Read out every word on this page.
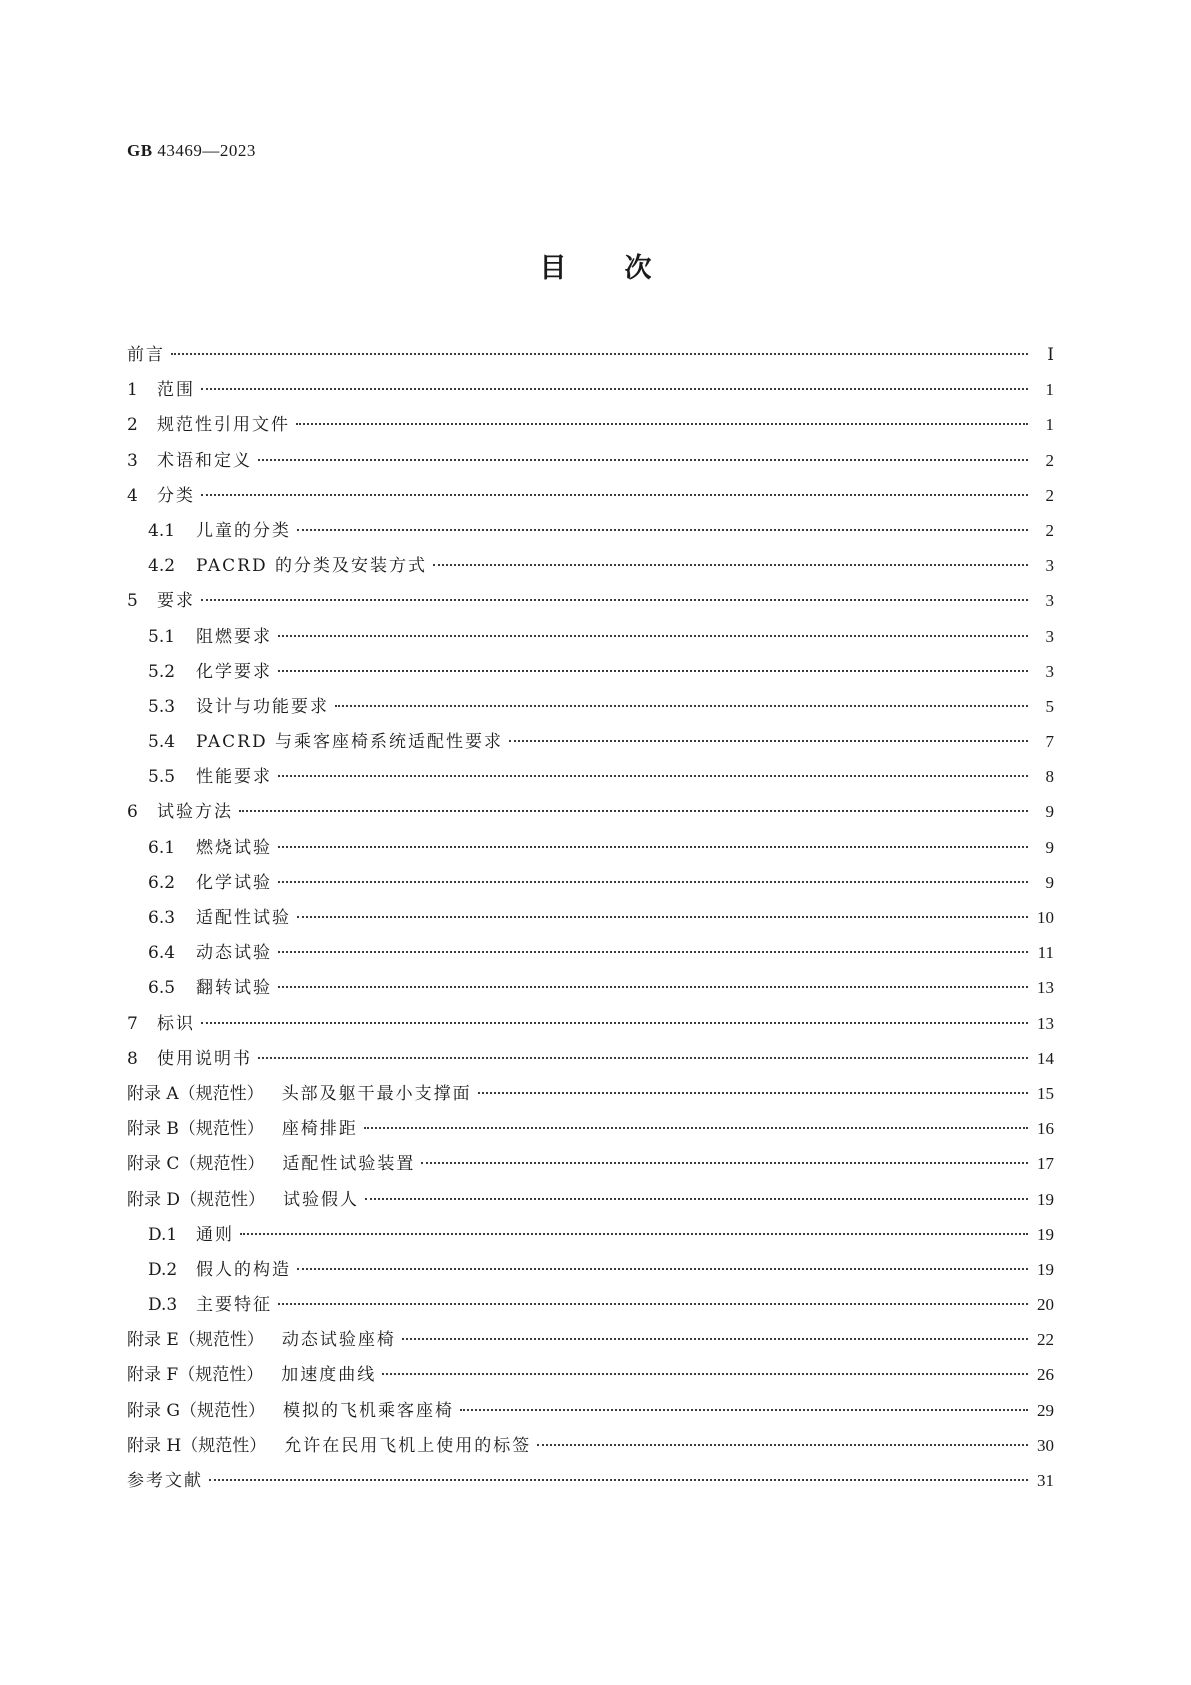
GB 43469—2023
目次
前言	Ⅰ
1	范围	1
2	规范性引用文件	1
3	术语和定义	2
4	分类	2
4.1	儿童的分类	2
4.2	PACRD 的分类及安装方式	3
5	要求	3
5.1	阻燃要求	3
5.2	化学要求	3
5.3	设计与功能要求	5
5.4	PACRD 与乘客座椅系统适配性要求	7
5.5	性能要求	8
6	试验方法	9
6.1	燃烧试验	9
6.2	化学试验	9
6.3	适配性试验	10
6.4	动态试验	11
6.5	翻转试验	13
7	标识	13
8	使用说明书	14
附录 A（规范性）	头部及躯干最小支撑面	15
附录 B（规范性）	座椅排距	16
附录 C（规范性）	适配性试验装置	17
附录 D（规范性）	试验假人	19
D.1	通则	19
D.2	假人的构造	19
D.3	主要特征	20
附录 E（规范性）	动态试验座椅	22
附录 F（规范性）	加速度曲线	26
附录 G（规范性）	模拟的飞机乘客座椅	29
附录 H（规范性）	允许在民用飞机上使用的标签	30
参考文献	31
